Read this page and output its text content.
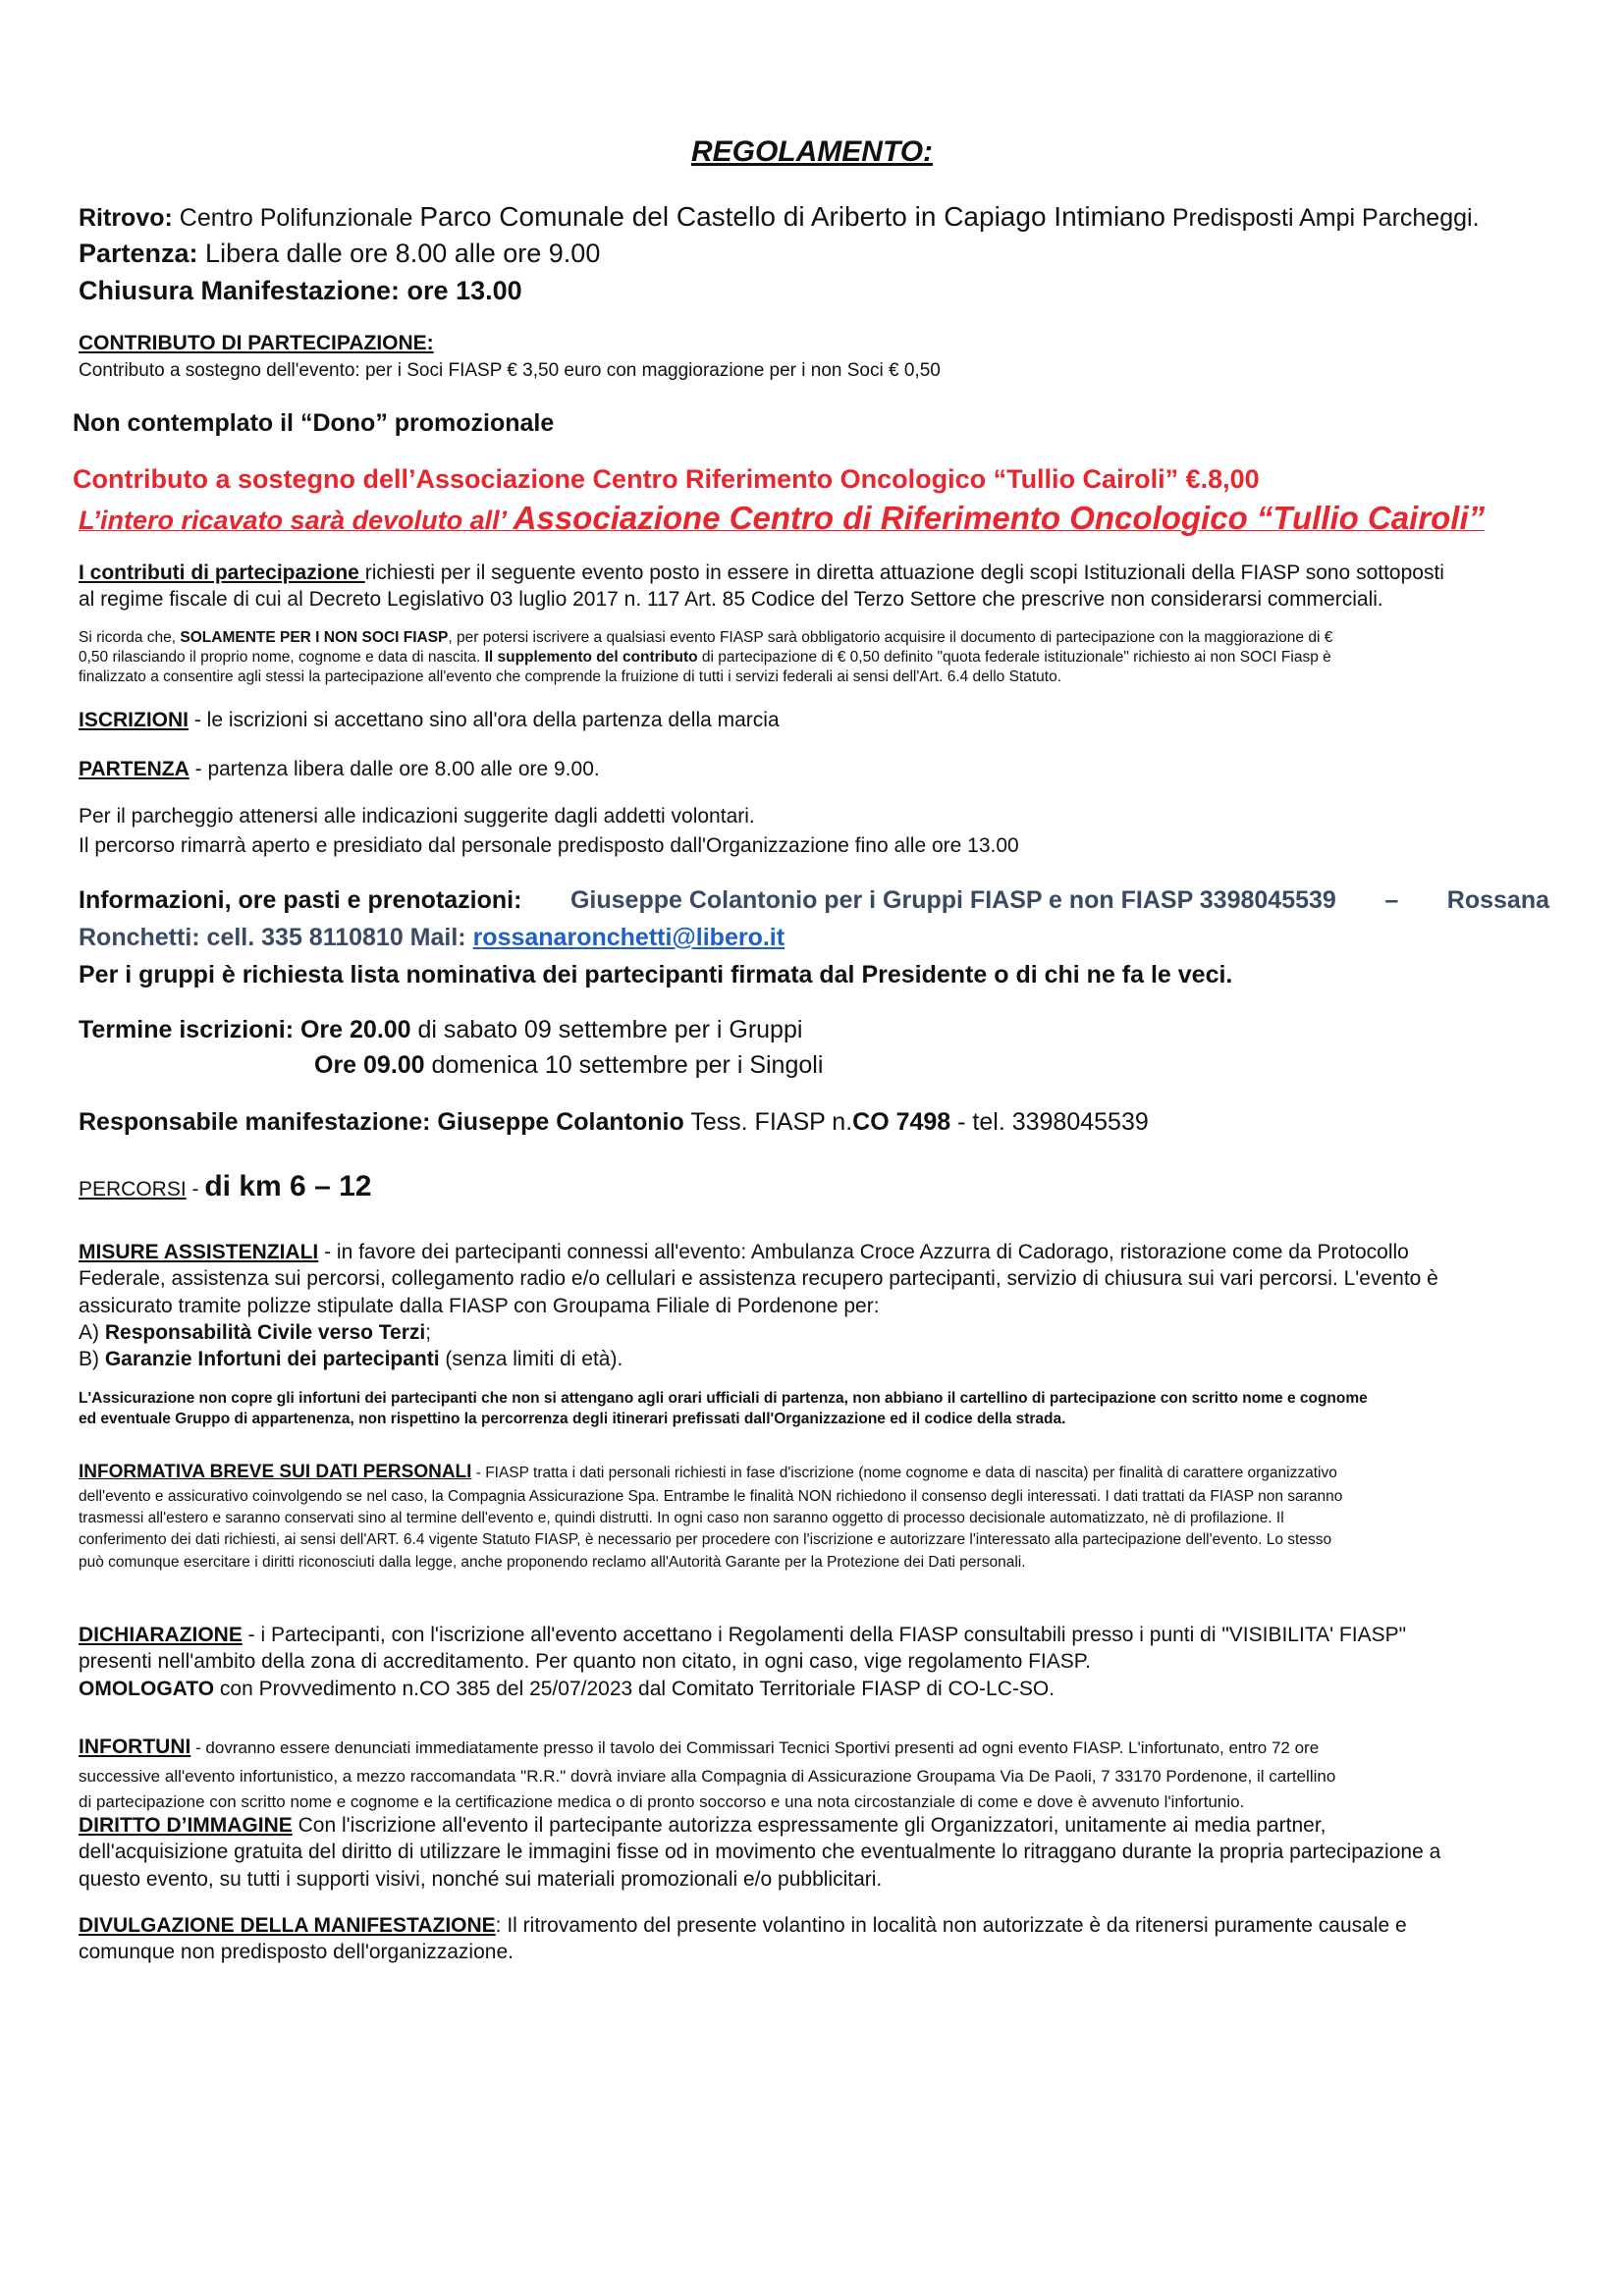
REGOLAMENTO:
Ritrovo: Centro Polifunzionale Parco Comunale del Castello di Ariberto in Capiago Intimiano Predisposti Ampi Parcheggi.
Partenza: Libera dalle ore 8.00 alle ore 9.00
Chiusura Manifestazione: ore 13.00
CONTRIBUTO DI PARTECIPAZIONE:
Contributo a sostegno dell'evento: per i Soci FIASP € 3,50 euro con maggiorazione per i non Soci € 0,50
Non contemplato il “Dono” promozionale
Contributo a sostegno dell’Associazione Centro Riferimento Oncologico “Tullio Cairoli” €.8,00
L’intero ricavato sarà devoluto all’ Associazione Centro di Riferimento Oncologico “Tullio Cairoli”
I contributi di partecipazione richiesti per il seguente evento posto in essere in diretta attuazione degli scopi Istituzionali della FIASP sono sottoposti
al regime fiscale di cui al Decreto Legislativo 03 luglio 2017 n. 117 Art. 85 Codice del Terzo Settore che prescrive non considerarsi commerciali.
Si ricorda che, SOLAMENTE PER I NON SOCI FIASP, per potersi iscrivere a qualsiasi evento FIASP sarà obbligatorio acquisire il documento di partecipazione con la maggiorazione di €
0,50 rilasciando il proprio nome, cognome e data di nascita. Il supplemento del contributo di partecipazione di € 0,50 definito "quota federale istituzionale" richiesto ai non SOCI Fiasp è
finalizzato a consentire agli stessi la partecipazione all'evento che comprende la fruizione di tutti i servizi federali ai sensi dell'Art. 6.4 dello Statuto.
ISCRIZIONI - le iscrizioni si accettano sino all'ora della partenza della marcia
PARTENZA - partenza libera dalle ore 8.00 alle ore 9.00.
Per il parcheggio attenersi alle indicazioni suggerite dagli addetti volontari.
Il percorso rimarrà aperto e presidiato dal personale predisposto dall'Organizzazione fino alle ore 13.00
Informazioni, ore pasti e prenotazioni: Giuseppe Colantonio per i Gruppi FIASP e non FIASP 3398045539 – Rossana
Ronchetti: cell. 335 8110810 Mail: rossanaronchetti@libero.it
Per i gruppi è richiesta lista nominativa dei partecipanti firmata dal Presidente o di chi ne fa le veci.
Termine iscrizioni: Ore 20.00 di sabato 09 settembre per i Gruppi
Ore 09.00 domenica 10 settembre per i Singoli
Responsabile manifestazione: Giuseppe Colantonio Tess. FIASP n.CO 7498 - tel. 3398045539
PERCORSI - di km 6 – 12
MISURE ASSISTENZIALI - in favore dei partecipanti connessi all'evento: Ambulanza Croce Azzurra di Cadorago, ristorazione come da Protocollo
Federale, assistenza sui percorsi, collegamento radio e/o cellulari e assistenza recupero partecipanti, servizio di chiusura sui vari percorsi. L'evento è
assicurato tramite polizze stipulate dalla FIASP con Groupama Filiale di Pordenone per:
A) Responsabilità Civile verso Terzi;
B) Garanzie Infortuni dei partecipanti (senza limiti di età).
L'Assicurazione non copre gli infortuni dei partecipanti che non si attengano agli orari ufficiali di partenza, non abbiano il cartellino di partecipazione con scritto nome e cognome
ed eventuale Gruppo di appartenenza, non rispettino la percorrenza degli itinerari prefissati dall'Organizzazione ed il codice della strada.
INFORMATIVA BREVE SUI DATI PERSONALI - FIASP tratta i dati personali richiesti in fase d'iscrizione (nome cognome e data di nascita) per finalità di carattere organizzativo
dell'evento e assicurativo coinvolgendo se nel caso, la Compagnia Assicurazione Spa. Entrambe le finalità NON richiedono il consenso degli interessati. I dati trattati da FIASP non saranno
trasmessi all'estero e saranno conservati sino al termine dell'evento e, quindi distrutti. In ogni caso non saranno oggetto di processo decisionale automatizzato, nè di profilazione. Il
conferimento dei dati richiesti, ai sensi dell'ART. 6.4 vigente Statuto FIASP, è necessario per procedere con l'iscrizione e autorizzare l'interessato alla partecipazione dell'evento. Lo stesso
può comunque esercitare i diritti riconosciuti dalla legge, anche proponendo reclamo all'Autorità Garante per la Protezione dei Dati personali.
DICHIARAZIONE - i Partecipanti, con l'iscrizione all'evento accettano i Regolamenti della FIASP consultabili presso i punti di "VISIBILITA' FIASP"
presenti nell'ambito della zona di accreditamento. Per quanto non citato, in ogni caso, vige regolamento FIASP.
OMOLOGATO con Provvedimento n.CO 385 del 25/07/2023 dal Comitato Territoriale FIASP di CO-LC-SO.
INFORTUNI - dovranno essere denunciati immediatamente presso il tavolo dei Commissari Tecnici Sportivi presenti ad ogni evento FIASP. L'infortunato, entro 72 ore
successive all'evento infortunistico, a mezzo raccomandata "R.R." dovrà inviare alla Compagnia di Assicurazione Groupama Via De Paoli, 7 33170 Pordenone, il cartellino
di partecipazione con scritto nome e cognome e la certificazione medica o di pronto soccorso e una nota circostanziale di come e dove è avvenuto l'infortunio.
DIRITTO D’IMMAGINE Con l'iscrizione all'evento il partecipante autorizza espressamente gli Organizzatori, unitamente ai media partner,
dell'acquisizione gratuita del diritto di utilizzare le immagini fisse od in movimento che eventualmente lo ritraggano durante la propria partecipazione a
questo evento, su tutti i supporti visivi, nonché sui materiali promozionali e/o pubblicitari.
DIVULGAZIONE DELLA MANIFESTAZIONE: Il ritrovamento del presente volantino in località non autorizzate è da ritenersi puramente causale e
comunque non predisposto dell'organizzazione.
